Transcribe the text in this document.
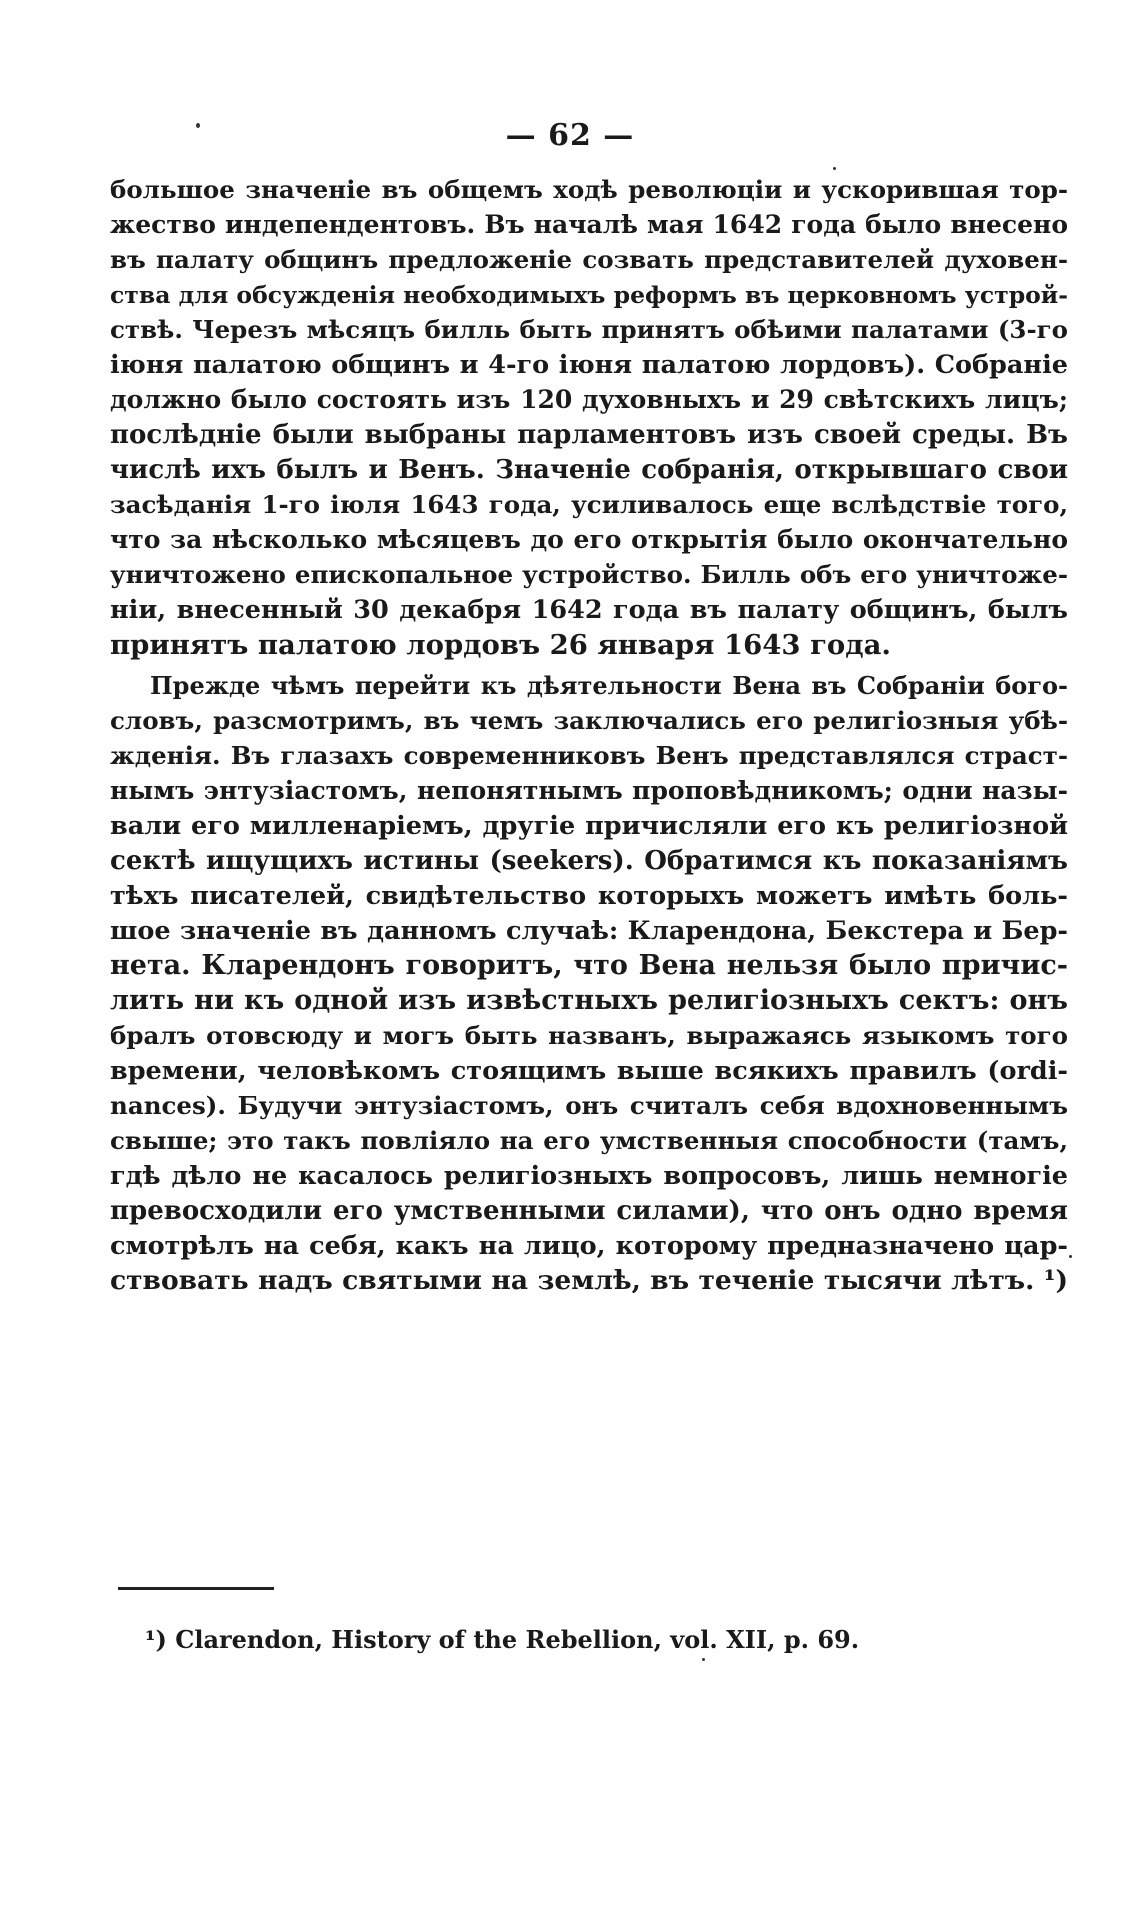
— 62 —
большое значеніе въ общемъ ходѣ революціи и ускорившая тор-
жество индепендентовъ. Въ началѣ мая 1642 года было внесено
въ палату общинъ предложеніе созвать представителей духовен-
ства для обсужденія необходимыхъ реформъ въ церковномъ устрой-
ствѣ. Черезъ мѣсяцъ билль быть принятъ обѣими палатами (3-го
іюня палатою общинъ и 4-го іюня палатою лордовъ). Собраніе
должно было состоять изъ 120 духовныхъ и 29 свѣтскихъ лицъ;
послѣдніе были выбраны парламентовъ изъ своей среды. Въ
числѣ ихъ былъ и Венъ. Значеніе собранія, открывшаго свои
засѣданія 1-го іюля 1643 года, усиливалось еще вслѣдствіе того,
что за нѣсколько мѣсяцевъ до его открытія было окончательно
уничтожено епископальное устройство. Билль объ его уничтоже-
ніи, внесенный 30 декабря 1642 года въ палату общинъ, былъ
принятъ палатою лордовъ 26 января 1643 года.
Прежде чѣмъ перейти къ дѣятельности Вена въ Собраніи бого-
словъ, разсмотримъ, въ чемъ заключались его религіозныя убѣ-
жденія. Въ глазахъ современниковъ Венъ представлялся страст-
нымъ энтузіастомъ, непонятнымъ проповѣдникомъ; одни назы-
вали его милленаріемъ, другіе причисляли его къ религіозной
сектѣ ищущихъ истины (seekers). Обратимся къ показаніямъ
тѣхъ писателей, свидѣтельство которыхъ можетъ имѣть боль-
шое значеніе въ данномъ случаѣ: Кларендона, Бекстера и Бер-
нета. Кларендонъ говоритъ, что Вена нельзя было причис-
лить ни къ одной изъ извѣстныхъ религіозныхъ сектъ: онъ
бралъ отовсюду и могъ быть названъ, выражаясь языкомъ того
времени, человѣкомъ стоящимъ выше всякихъ правилъ (ordi-
nances). Будучи энтузіастомъ, онъ считалъ себя вдохновеннымъ
свыше; это такъ повліяло на его умственныя способности (тамъ,
гдѣ дѣло не касалось религіозныхъ вопросовъ, лишь немногіе
превосходили его умственными силами), что онъ одно время
смотрѣлъ на себя, какъ на лицо, которому предназначено цар-
ствовать надъ святыми на землѣ, въ теченіе тысячи лѣтъ. ¹)
¹) Clarendon, History of the Rebellion, vol. XII, p. 69.
